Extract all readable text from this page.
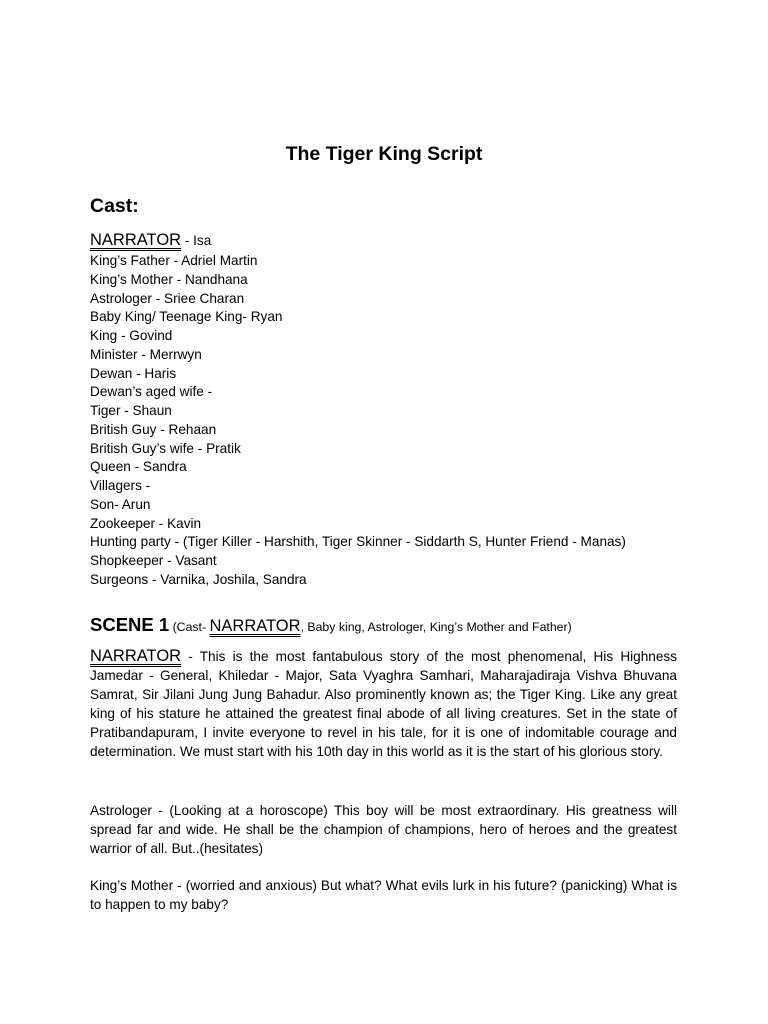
The Tiger King Script
Cast:
NARRATOR - Isa
King’s Father - Adriel Martin
King’s Mother - Nandhana
Astrologer - Sriee Charan
Baby King/ Teenage King- Ryan
King - Govind
Minister - Merrwyn
Dewan - Haris
Dewan’s aged wife -
Tiger - Shaun
British Guy - Rehaan
British Guy’s wife - Pratik
Queen - Sandra
Villagers -
Son- Arun
Zookeeper - Kavin
Hunting party - (Tiger Killer - Harshith, Tiger Skinner - Siddarth S, Hunter Friend - Manas)
Shopkeeper - Vasant
Surgeons - Varnika, Joshila, Sandra
SCENE 1 (Cast- NARRATOR, Baby king, Astrologer, King’s Mother and Father)

NARRATOR - This is the most fantabulous story of the most phenomenal, His Highness Jamedar - General, Khiledar - Major, Sata Vyaghra Samhari, Maharajadiraja Vishva Bhuvana Samrat, Sir Jilani Jung Jung Bahadur. Also prominently known as; the Tiger King. Like any great king of his stature he attained the greatest final abode of all living creatures. Set in the state of Pratibandapuram, I invite everyone to revel in his tale, for it is one of indomitable courage and determination. We must start with his 10th day in this world as it is the start of his glorious story.

Astrologer - (Looking at a horoscope) This boy will be most extraordinary. His greatness will spread far and wide. He shall be the champion of champions, hero of heroes and the greatest warrior of all. But..(hesitates)

King’s Mother - (worried and anxious) But what? What evils lurk in his future? (panicking) What is to happen to my baby?
